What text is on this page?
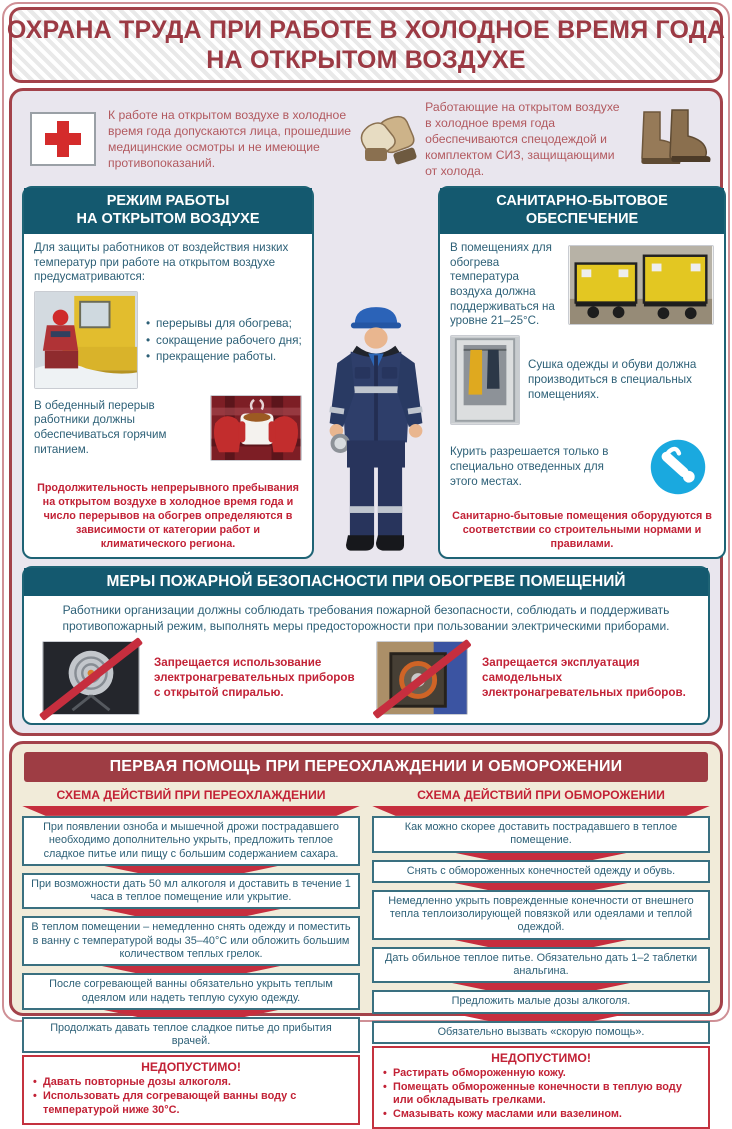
ОХРАНА ТРУДА ПРИ РАБОТЕ В ХОЛОДНОЕ ВРЕМЯ ГОДА
НА ОТКРЫТОМ ВОЗДУХЕ

К работе на открытом воздухе в холодное время года допускаются лица, прошедшие медицинские осмотры и не имеющие противопоказаний.

Работающие на открытом воздухе в холодное время года обеспечиваются спецодеждой и комплектом СИЗ, защищающими от холода.

РЕЖИМ РАБОТЫ
НА ОТКРЫТОМ ВОЗДУХЕ

Для защиты работников от воздействия низких температур при работе на открытом воздухе предусматриваются:

• перерывы для обогрева;
• сокращение рабочего дня;
• прекращение работы.

В обеденный перерыв работники должны обеспечиваться горячим питанием.

Продолжительность непрерывного пребывания на открытом воздухе в холодное время года и число перерывов на обогрев определяются в зависимости от категории работ и климатического региона.

САНИТАРНО-БЫТОВОЕ
ОБЕСПЕЧЕНИЕ

В помещениях для обогрева температура воздуха должна поддерживаться на уровне 21–25°С.

Сушка одежды и обуви должна производиться в специальных помещениях.

Курить разрешается только в специально отведенных для этого местах.

Санитарно-бытовые помещения оборудуются в соответствии со строительными нормами и правилами.

МЕРЫ ПОЖАРНОЙ БЕЗОПАСНОСТИ ПРИ ОБОГРЕВЕ ПОМЕЩЕНИЙ

Работники организации должны соблюдать требования пожарной безопасности, соблюдать и поддерживать противопожарный режим, выполнять меры предосторожности при пользовании электрическими приборами.

Запрещается использование электронагревательных приборов с открытой спиралью.

Запрещается эксплуатация самодельных электронагревательных приборов.

ПЕРВАЯ ПОМОЩЬ ПРИ ПЕРЕОХЛАЖДЕНИИ И ОБМОРОЖЕНИИ
СХЕМА ДЕЙСТВИЙ ПРИ ПЕРЕОХЛАЖДЕНИИ
При появлении озноба и мышечной дрожи пострадавшего необходимо дополнительно укрыть, предложить теплое сладкое питье или пищу с большим содержанием сахара.
При возможности дать 50 мл алкоголя и доставить в течение 1 часа в теплое помещение или укрытие.
В теплом помещении – немедленно снять одежду и поместить в ванну с температурой воды 35–40°С или обложить большим количеством теплых грелок.
После согревающей ванны обязательно укрыть теплым одеялом или надеть теплую сухую одежду.
Продолжать давать теплое сладкое питье до прибытия врачей.
НЕДОПУСТИМО!
• Давать повторные дозы алкоголя.
• Использовать для согревающей ванны воду с температурой ниже 30°С.
СХЕМА ДЕЙСТВИЙ ПРИ ОБМОРОЖЕНИИ
Как можно скорее доставить пострадавшего в теплое помещение.
Снять с обмороженных конечностей одежду и обувь.
Немедленно укрыть поврежденные конечности от внешнего тепла теплоизолирующей повязкой или одеялами и теплой одеждой.
Дать обильное теплое питье. Обязательно дать 1–2 таблетки анальгина.
Предложить малые дозы алкоголя.
Обязательно вызвать «скорую помощь».
НЕДОПУСТИМО!
• Растирать обмороженную кожу.
• Помещать обмороженные конечности в теплую воду или обкладывать грелками.
• Смазывать кожу маслами или вазелином.
